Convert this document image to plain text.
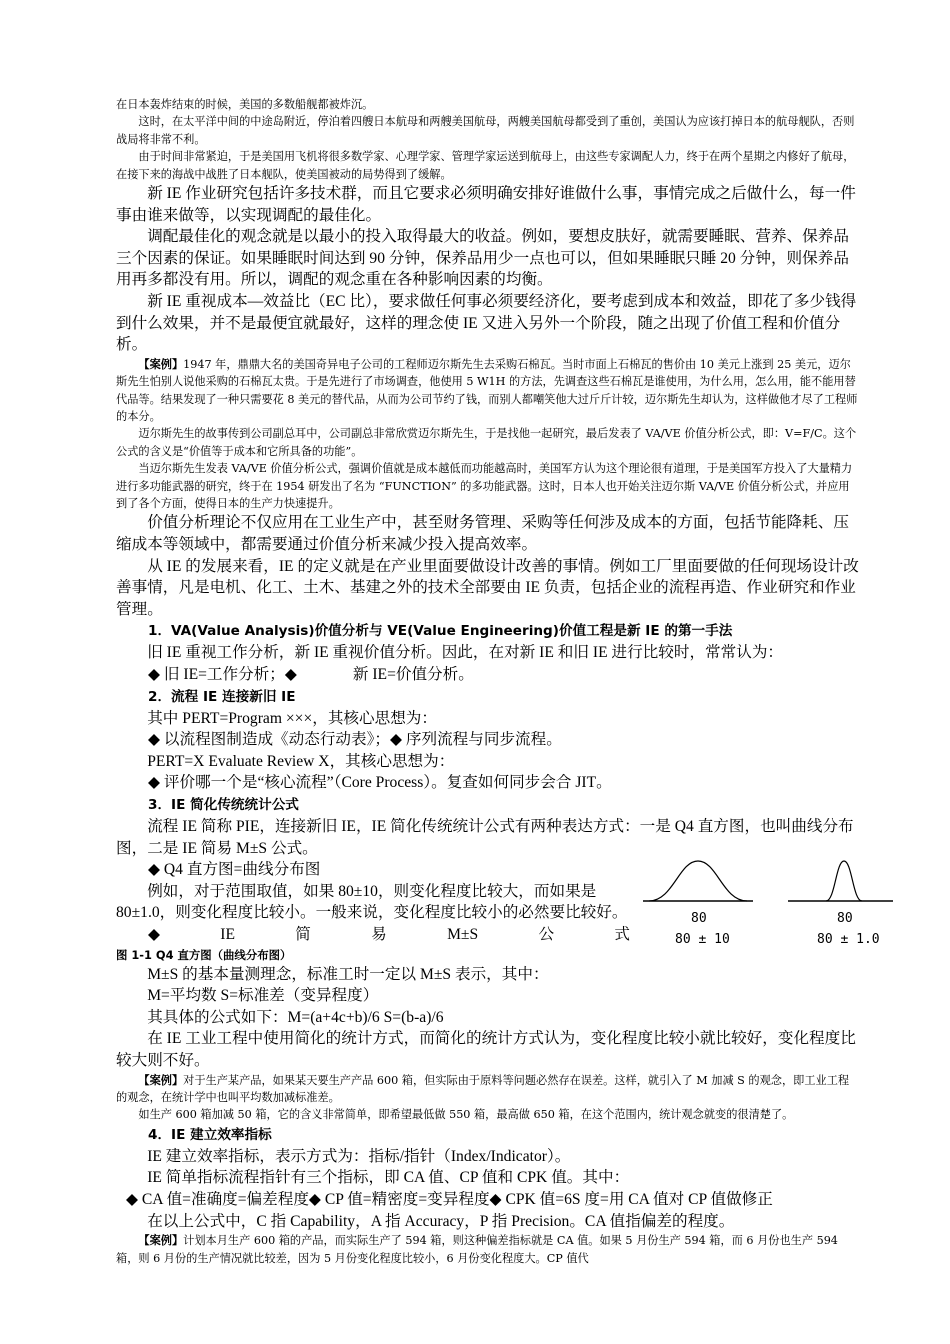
在日本轰炸结束的时候，美国的多数船舰都被炸沉。

这时，在太平洋中间的中途岛附近，停泊着四艘日本航母和两艘美国航母，两艘美国航母都受到了重创，美国认为应该打掉日本的航母舰队，否则战局将非常不利。

由于时间非常紧迫，于是美国用飞机将很多数学家、心理学家、管理学家运送到航母上，由这些专家调配人力，终于在两个星期之内修好了航母，在接下来的海战中战胜了日本舰队，使美国被动的局势得到了缓解。

新 IE 作业研究包括许多技术群，而且它要求必须明确安排好谁做什么事，事情完成之后做什么，每一件事由谁来做等，以实现调配的最佳化。

调配最佳化的观念就是以最小的投入取得最大的收益。例如，要想皮肤好，就需要睡眠、营养、保养品三个因素的保证。如果睡眠时间达到 90 分钟，保养品用少一点也可以，但如果睡眠只睡 20 分钟，则保养品用再多都没有用。所以，调配的观念重在各种影响因素的均衡。

新 IE 重视成本—效益比（EC 比），要求做任何事必须要经济化，要考虑到成本和效益，即花了多少钱得到什么效果，并不是最便宜就最好，这样的理念使 IE 又进入另外一个阶段，随之出现了价值工程和价值分析。

【案例】1947 年，鼎鼎大名的美国奇异电子公司的工程师迈尔斯先生去采购石棉瓦。当时市面上石棉瓦的售价由 10 美元上涨到 25 美元，迈尔斯先生怕别人说他采购的石棉瓦太贵。于是先进行了市场调查，他使用 5 W1H 的方法，先调查这些石棉瓦是谁使用，为什么用，怎么用，能不能用替代品等。结果发现了一种只需要花 8 美元的替代品，从而为公司节约了钱，而别人都嘲笑他大过斤斤计较，迈尔斯先生却认为，这样做他才尽了工程师的本分。

迈尔斯先生的故事传到公司副总耳中，公司副总非常欣赏迈尔斯先生，于是找他一起研究，最后发表了 VA/VE 价值分析公式，即：V=F/C。这个公式的含义是“价值等于成本和它所具备的功能”。

当迈尔斯先生发表 VA/VE 价值分析公式，强调价值就是成本越低而功能越高时，美国军方认为这个理论很有道理，于是美国军方投入了大量精力进行多功能武器的研究，终于在 1954 研发出了名为 “FUNCTION” 的多功能武器。这时，日本人也开始关注迈尔斯 VA/VE 价值分析公式，并应用到了各个方面，使得日本的生产力快速提升。

价值分析理论不仅应用在工业生产中，甚至财务管理、采购等任何涉及成本的方面，包括节能降耗、压缩成本等领域中，都需要通过价值分析来减少投入提高效率。

从 IE 的发展来看，IE 的定义就是在产业里面要做设计改善的事情。例如工厂里面要做的任何现场设计改善事情，凡是电机、化工、土木、基建之外的技术全部要由 IE 负责，包括企业的流程再造、作业研究和作业管理。

1．VA(Value Analysis)价值分析与 VE(Value Engineering)价值工程是新 IE 的第一手法

旧 IE 重视工作分析，新 IE 重视价值分析。因此，在对新 IE 和旧 IE 进行比较时，常常认为：

◆ 旧 IE=工作分析；◆	新 IE=价值分析。

2．流程 IE 连接新旧 IE

其中 PERT=Program ×××，其核心思想为：

◆ 以流程图制造成《动态行动表》；◆ 序列流程与同步流程。

PERT=X Evaluate Review X，其核心思想为：

◆ 评价哪一个是“核心流程”（Core Process）。复查如何同步会合 JIT。

3．IE 简化传统统计公式

流程 IE 简称 PIE，连接新旧 IE，IE 简化传统统计公式有两种表达方式：一是 Q4 直方图，也叫曲线分布图，二是 IE 简易 M±S 公式。

◆ Q4 直方图=曲线分布图

80
80 ± 10
80
80 ± 1.0

例如，对于范围取值，如果 80±10，则变化程度比较大，而如果是 80±1.0，则变化程度比较小。一般来说，变化程度比较小的必然要比较好。

◆	IE	简	易	M±S	公	式

图 1-1 Q4 直方图（曲线分布图）

M±S 的基本量测理念，标准工时一定以 M±S 表示，其中：

M=平均数 S=标准差（变异程度）

其具体的公式如下：M=(a+4c+b)/6 S=(b-a)/6

在 IE 工业工程中使用简化的统计方式，而简化的统计方式认为，变化程度比较小就比较好，变化程度比较大则不好。

【案例】对于生产某产品，如果某天要生产产品 600 箱，但实际由于原料等问题必然存在误差。这样，就引入了 M 加减 S 的观念，即工业工程的观念，在统计学中也叫平均数加减标准差。

如生产 600 箱加减 50 箱，它的含义非常简单，即希望最低做 550 箱，最高做 650 箱，在这个范围内，统计观念就变的很清楚了。

4．IE 建立效率指标

IE 建立效率指标，表示方式为：指标/指针（Index/Indicator）。

IE 简单指标流程指针有三个指标，即 CA 值、CP 值和 CPK 值。其中：

◆ CA 值=准确度=偏差程度◆ CP 值=精密度=变异程度◆ CPK 值=6S 度=用 CA 值对 CP 值做修正

在以上公式中，C 指 Capability，A 指 Accuracy，P 指 Precision。CA 值指偏差的程度。

【案例】计划本月生产 600 箱的产品，而实际生产了 594 箱，则这种偏差指标就是 CA 值。如果 5 月份生产 594 箱，而 6 月份也生产 594 箱，则 6 月份的生产情况就比较差，因为 5 月份变化程度比较小，6 月份变化程度大。CP 值代
